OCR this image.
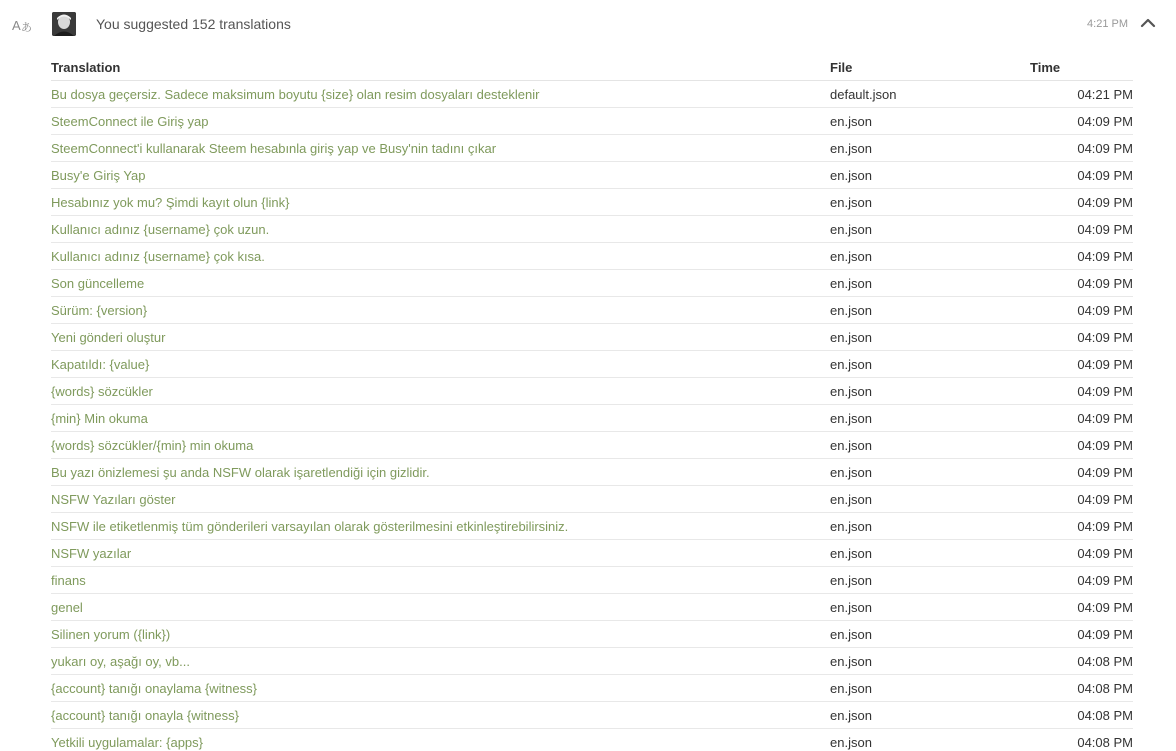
A あ	You suggested 152 translations	4:21 PM
Translation	File	Time
Bu dosya geçersiz. Sadece maksimum boyutu {size} olan resim dosyaları desteklenir	default.json	04:21 PM
SteemConnect ile Giriş yap	en.json	04:09 PM
SteemConnect'i kullanarak Steem hesabınla giriş yap ve Busy'nin tadını çıkar	en.json	04:09 PM
Busy'e Giriş Yap	en.json	04:09 PM
Hesabınız yok mu? Şimdi kayıt olun {link}	en.json	04:09 PM
Kullanıcı adınız {username} çok uzun.	en.json	04:09 PM
Kullanıcı adınız {username} çok kısa.	en.json	04:09 PM
Son güncelleme	en.json	04:09 PM
Sürüm: {version}	en.json	04:09 PM
Yeni gönderi oluştur	en.json	04:09 PM
Kapatıldı: {value}	en.json	04:09 PM
{words} sözcükler	en.json	04:09 PM
{min} Min okuma	en.json	04:09 PM
{words} sözcükler/{min} min okuma	en.json	04:09 PM
Bu yazı önizlemesi şu anda NSFW olarak işaretlendiği için gizlidir.	en.json	04:09 PM
NSFW Yazıları göster	en.json	04:09 PM
NSFW ile etiketlenmiş tüm gönderileri varsayılan olarak gösterilmesini etkinleştirebilirsiniz.	en.json	04:09 PM
NSFW yazılar	en.json	04:09 PM
finans	en.json	04:09 PM
genel	en.json	04:09 PM
Silinen yorum ({link})	en.json	04:09 PM
yukarı oy, aşağı oy, vb...	en.json	04:08 PM
{account} tanığı onaylama {witness}	en.json	04:08 PM
{account} tanığı onayla {witness}	en.json	04:08 PM
Yetkili uygulamalar: {apps}	en.json	04:08 PM
